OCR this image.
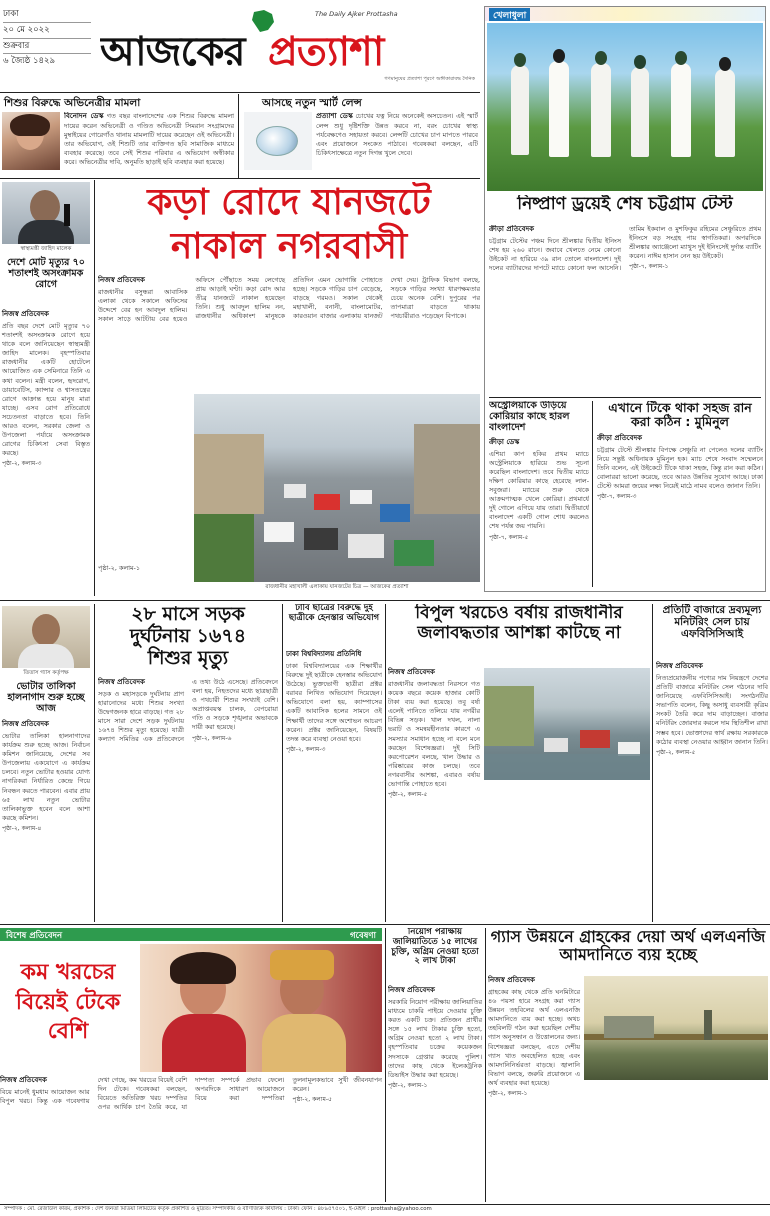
ঢাকা
২০ মে ২০২২
শুক্রবার
৬ জ্যৈষ্ঠ ১৪২৯	আজকের প্রত্যাশা
The Daily Ajker Prottasha
গণমানুষের প্রত্যাশা পূরণে অঙ্গীকারাবদ্ধ দৈনিক
শিশুর বিরুদ্ধে অভিনেত্রীর মামলা
বিনোদন ডেস্ক গত বছর বাংলাদেশের এক শিশুর বিরুদ্ধে মামলা দায়ের করেন অভিনেত্রী ও গণ্ডিত অভিনেত্রী সিমরান সংগ্রামদের মুম্বাইয়ের গোরেগাঁও থানায় মামলাটি দায়ের করেছেন ওই অভিনেত্রী। তার অভিযোগ, ওই শিশুটি তার ব্যক্তিগত ছবি সামাজিক মাধ্যমে ব্যবহার করেছে। তবে সেই শিশুর পরিবার এ অভিযোগ অস্বীকার করে। অভিনেত্রীর দাবি, অনুমতি ছাড়াই ছবি ব্যবহার করা হয়েছে।
আসছে নতুন স্মার্ট লেন্স
প্রত্যাশা ডেস্ক চোখের যত্ন নিয়ে অনেকেই অসচেতন। এই স্মার্ট লেন্স শুধু দৃষ্টিশক্তি উন্নত করবে না, বরং চোখের স্বাস্থ্য পর্যবেক্ষণেও সহায়তা করবে। লেন্সটি চোখের চাপ মাপতে পারবে এবং প্রয়োজনে সংকেত পাঠাবে। গবেষকরা বলছেন, এটি চিকিৎসাক্ষেত্রে নতুন দিগন্ত খুলে দেবে।
খেলাধুলা
নিষ্প্রাণ ড্রয়েই শেষ চট্টগ্রাম টেস্ট
ক্রীড়া প্রতিবেদক
চট্টগ্রাম টেস্টের পঞ্চম দিনে শ্রীলঙ্কার দ্বিতীয় ইনিংস শেষ হয় ২৬০ রানে। জবাবে খেলতে নেমে কোনো উইকেট না হারিয়ে ৩৯ রান তোলে বাংলাদেশ। দুই দলের ব্যাটারদের দাপটে ম্যাচে কোনো ফল আসেনি। তামিম ইকবাল ও মুশফিকুর রহিমের সেঞ্চুরিতে প্রথম ইনিংসে বড় সংগ্রহ পায় স্বাগতিকরা। অপরদিকে শ্রীলঙ্কার অ্যাঞ্জেলো ম্যাথুস দুই ইনিংসেই দুর্দান্ত ব্যাটিং করেন। নাঈম হাসান নেন ছয় উইকেট।
পৃষ্ঠা-৭, কলাম-১
অস্ট্রেলিয়াকে উড়িয়ে কোরিয়ার কাছে হারল বাংলাদেশ
ক্রীড়া ডেস্ক
এশিয়া কাপ হকির প্রথম ম্যাচে অস্ট্রেলিয়াকে হারিয়ে শুভ সূচনা করেছিল বাংলাদেশ। তবে দ্বিতীয় ম্যাচে দক্ষিণ কোরিয়ার কাছে হেরেছে লাল-সবুজরা। ম্যাচের শুরু থেকে আক্রমণাত্মক খেলে কোরিয়া। প্রথমার্ধে দুই গোলে এগিয়ে যায় তারা। দ্বিতীয়ার্ধে বাংলাদেশ একটি গোল শোধ করলেও শেষ পর্যন্ত জয় পায়নি।
পৃষ্ঠা-৭, কলাম-৫
এখানে টিকে থাকা সহজ রান করা কঠিন : মুমিনুল
ক্রীড়া প্রতিবেদক
চট্টগ্রাম টেস্টে শ্রীলঙ্কার বিপক্ষে সেঞ্চুরি না পেলেও দলের ব্যাটিং নিয়ে সন্তুষ্ট অধিনায়ক মুমিনুল হক। ম্যাচ শেষে সংবাদ সম্মেলনে তিনি বলেন, এই উইকেটে টিকে থাকা সহজ, কিন্তু রান করা কঠিন। বোলাররা ভালো করেছে, তবে আরও উন্নতির সুযোগ আছে। ঢাকা টেস্টে আমরা জয়ের লক্ষ্য নিয়েই মাঠে নামব বলেও জানান তিনি।
পৃষ্ঠা-৭, কলাম-৩
স্বাস্থ্যমন্ত্রী জাহিদ মালেক
দেশে মোট মৃত্যুর ৭০ শতাংশই অসংক্রামক রোগে
নিজস্ব প্রতিবেদক
প্রতি বছর দেশে মোট মৃত্যুর ৭০ শতাংশই অসংক্রামক রোগে হয়ে থাকে বলে জানিয়েছেন স্বাস্থ্যমন্ত্রী জাহিদ মালেক। বৃহস্পতিবার রাজধানীর একটি হোটেলে আয়োজিত এক সেমিনারে তিনি এ কথা বলেন। মন্ত্রী বলেন, হৃদরোগ, ডায়াবেটিস, ক্যান্সার ও শ্বাসতন্ত্রের রোগে আক্রান্ত হয়ে মানুষ মারা যাচ্ছে। এসব রোগ প্রতিরোধে সচেতনতা বাড়াতে হবে। তিনি আরও বলেন, সরকার জেলা ও উপজেলা পর্যায়ে অসংক্রামক রোগের চিকিৎসা সেবা বিস্তৃত করছে।
পৃষ্ঠা-২, কলাম-৩
কড়া রোদে যানজটে
নাকাল নগরবাসী
নিজস্ব প্রতিবেদক
রাজধানীর বসুন্ধরা আবাসিক এলাকা থেকে সকালে অফিসের উদ্দেশে বের হন আবদুল হালিম। সকাল সাড়ে আটটায় বের হয়েও অফিসে পৌঁছাতে সময় লেগেছে প্রায় আড়াই ঘণ্টা। কড়া রোদ আর তীব্র যানজটে নাকাল হয়েছেন তিনি। শুধু আবদুল হালিম নন, রাজধানীর অধিকাংশ মানুষকে প্রতিদিন এমন ভোগান্তি পোহাতে হচ্ছে। সড়কে গাড়ির চাপ বেড়েছে, বাড়ছে গরমও। সকাল থেকেই মহাখালী, বনানী, বাংলামোটর, কারওয়ান বাজার এলাকায় যানজট দেখা দেয়। ট্রাফিক বিভাগ বলছে, সড়কে গাড়ির সংখ্যা ধারণক্ষমতার চেয়ে অনেক বেশি। দুপুরের পর তাপমাত্রা বাড়তে থাকায় পথচারীরাও পড়েছেন বিপাকে।
পৃষ্ঠা-২, কলাম-১
রাজধানীর মহাখালী এলাকায় যানজটের চিত্র — আজকের প্রত্যাশা
তিতাস গ্যাস কর্তৃপক্ষ
ভোটার তালিকা হালনাগাদ শুরু হচ্ছে আজ
নিজস্ব প্রতিবেদক
ভোটার তালিকা হালনাগাদের কার্যক্রম শুরু হচ্ছে আজ। নির্বাচন কমিশন জানিয়েছে, দেশের সব উপজেলায় একযোগে এ কার্যক্রম চলবে। নতুন ভোটার হওয়ার যোগ্য নাগরিকরা নির্ধারিত কেন্দ্রে গিয়ে নিবন্ধন করতে পারবেন। এবার প্রায় ৬৫ লাখ নতুন ভোটার তালিকাভুক্ত হবেন বলে আশা করছে কমিশন।
পৃষ্ঠা-২, কলাম-৪
২৮ মাসে সড়ক
দুর্ঘটনায় ১৬৭৪
শিশুর মৃত্যু
নিজস্ব প্রতিবেদক
সড়ক ও মহাসড়কে দুর্ঘটনায় প্রাণ হারানোদের মধ্যে শিশুর সংখ্যা উদ্বেগজনক হারে বাড়ছে। গত ২৮ মাসে সারা দেশে সড়ক দুর্ঘটনায় ১৬৭৪ শিশুর মৃত্যু হয়েছে। যাত্রী কল্যাণ সমিতির এক প্রতিবেদনে এ তথ্য উঠে এসেছে। প্রতিবেদনে বলা হয়, নিহতদের মধ্যে ছাত্রছাত্রী ও পথচারী শিশুর সংখ্যাই বেশি। অপ্রাপ্তবয়স্ক চালক, বেপরোয়া গতি ও সড়কে শৃঙ্খলার অভাবকে দায়ী করা হয়েছে।
পৃষ্ঠা-২, কলাম-৬
ঢাবি ছাত্রের বিরুদ্ধে দুই ছাত্রীকে হেনস্তার অভিযোগ
ঢাকা বিশ্ববিদ্যালয় প্রতিনিধি
ঢাকা বিশ্ববিদ্যালয়ের এক শিক্ষার্থীর বিরুদ্ধে দুই ছাত্রীকে হেনস্তার অভিযোগ উঠেছে। ভুক্তভোগী ছাত্রীরা প্রক্টর বরাবর লিখিত অভিযোগ দিয়েছেন। অভিযোগে বলা হয়, ক্যাম্পাসের একটি আবাসিক হলের সামনে ওই শিক্ষার্থী তাদের সঙ্গে অশোভন আচরণ করেন। প্রক্টর জানিয়েছেন, বিষয়টি তদন্ত করে ব্যবস্থা নেওয়া হবে।
পৃষ্ঠা-২, কলাম-৩
বিপুল খরচেও বর্ষায় রাজধানীর জলাবদ্ধতার আশঙ্কা কাটছে না
নিজস্ব প্রতিবেদক
রাজধানীর জলাবদ্ধতা নিরসনে গত কয়েক বছরে কয়েক হাজার কোটি টাকা ব্যয় করা হয়েছে। তবু বর্ষা এলেই পানিতে তলিয়ে যায় নগরীর বিভিন্ন সড়ক। খাল দখল, নালা ভরাট ও সমন্বয়হীনতার কারণে এ সমস্যার সমাধান হচ্ছে না বলে মনে করছেন বিশেষজ্ঞরা। দুই সিটি করপোরেশন বলছে, খাল উদ্ধার ও পরিষ্কারের কাজ চলছে। তবে নগরবাসীর আশঙ্কা, এবারও বর্ষায় ভোগান্তি পোহাতে হবে।
পৃষ্ঠা-২, কলাম-৫
প্রতিটি বাজারে দ্রব্যমূল্য মনিটরিং সেল চায় এফবিসিসিআই
নিজস্ব প্রতিবেদক
নিত্যপ্রয়োজনীয় পণ্যের দাম নিয়ন্ত্রণে দেশের প্রতিটি বাজারে মনিটরিং সেল গঠনের দাবি জানিয়েছে এফবিসিসিআই। সংগঠনটির সভাপতি বলেন, কিছু অসাধু ব্যবসায়ী কৃত্রিম সংকট তৈরি করে দাম বাড়াচ্ছেন। বাজার মনিটরিং জোরদার করলে দাম স্থিতিশীল রাখা সম্ভব হবে। ভোক্তাদের স্বার্থ রক্ষায় সরকারকে কঠোর ব্যবস্থা নেওয়ার আহ্বান জানান তিনি।
পৃষ্ঠা-২, কলাম-৫
বিশেষ প্রতিবেদন	গবেষণা
কম খরচের বিয়েই টেকে বেশি
নিজস্ব প্রতিবেদক
বিয়ে মানেই ধুমধাম আয়োজন আর বিপুল খরচ। কিন্তু এক গবেষণায় দেখা গেছে, কম খরচের বিয়েই বেশি দিন টেকে। গবেষকরা বলছেন, বিয়েতে অতিরিক্ত খরচ দম্পতির ওপর আর্থিক চাপ তৈরি করে, যা দাম্পত্য সম্পর্কে প্রভাব ফেলে। অপরদিকে সাধারণ আয়োজনে বিয়ে করা দম্পতিরা তুলনামূলকভাবে সুখী জীবনযাপন করেন।
পৃষ্ঠা-২, কলাম-৫
নিয়োগ পরীক্ষায় জালিয়াতিতে ১৫ লাখের চুক্তি, অগ্রিম নেওয়া হতো ২ লাখ টাকা
নিজস্ব প্রতিবেদক
সরকারি নিয়োগ পরীক্ষায় জালিয়াতির মাধ্যমে চাকরি পাইয়ে দেওয়ার চুক্তি করত একটি চক্র। প্রতিজন প্রার্থীর সঙ্গে ১৫ লাখ টাকার চুক্তি হতো, অগ্রিম নেওয়া হতো ২ লাখ টাকা। বৃহস্পতিবার চক্রের কয়েকজন সদস্যকে গ্রেপ্তার করেছে পুলিশ। তাদের কাছ থেকে ইলেকট্রনিক ডিভাইস উদ্ধার করা হয়েছে।
পৃষ্ঠা-২, কলাম-১
গ্যাস উন্নয়নে গ্রাহকের দেয়া অর্থ এলএনজি আমদানিতে ব্যয় হচ্ছে
নিজস্ব প্রতিবেদক
গ্রাহকের কাছ থেকে প্রতি ঘনমিটারে ৪৬ পয়সা হারে সংগ্রহ করা গ্যাস উন্নয়ন তহবিলের অর্থ এলএনজি আমদানিতে ব্যয় করা হচ্ছে। অথচ তহবিলটি গঠন করা হয়েছিল দেশীয় গ্যাস অনুসন্ধান ও উত্তোলনের জন্য। বিশেষজ্ঞরা বলছেন, এতে দেশীয় গ্যাস খাত অবহেলিত হচ্ছে এবং আমদানিনির্ভরতা বাড়ছে। জ্বালানি বিভাগ বলছে, জরুরি প্রয়োজনে এ অর্থ ব্যবহার করা হয়েছে।
পৃষ্ঠা-২, কলাম-১
সম্পাদক : মো. রেজাউল করিম, প্রকাশক : দেশ জনতা মিডিয়া লিমিটেড কর্তৃক প্রকাশিত ও মুদ্রিত। সম্পাদকীয় ও বাণিজ্যিক কার্যালয় : ঢাকা। ফোন : ৪৮৯৫৭৫০১, ই-মেইল : prottasha@yahoo.com
